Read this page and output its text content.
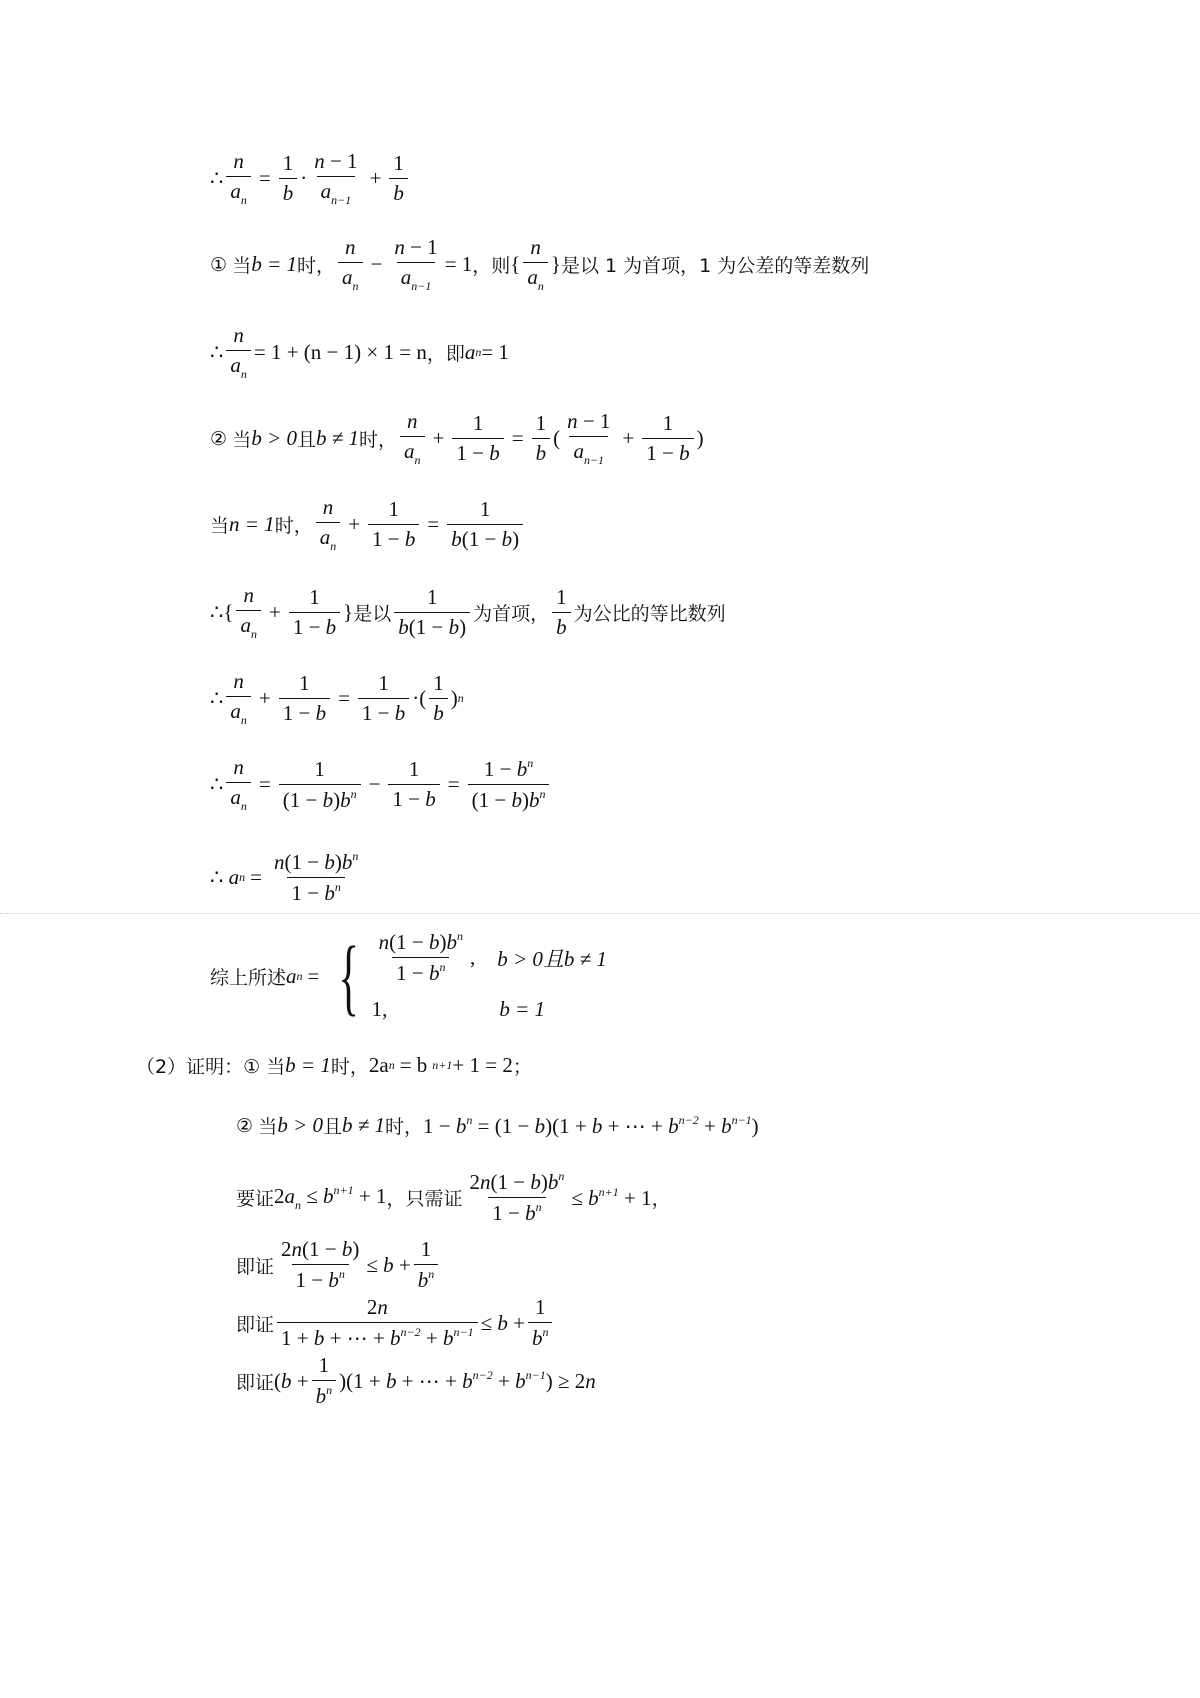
∴ $\frac{n}{a_n} = \frac{1}{b} \cdot \frac{n - 1}{a_{n-1}} + \frac{1}{b}$
①
当 b = 1 时， $\frac{n}{a_n} - \frac{n - 1}{a_{n-1}} = 1$ ，则 { $\frac{n}{a_n}$ } 是以 1 为首项，1 为公差的等差数列
∴ $\frac{n}{a_n} = 1 + (n - 1) \times 1 = n$ ，即 a n = 1
②
当 b > 0 且 b ≠ 1 时， $\frac{n}{a_n} + \frac{1}{1 - b} = \frac{1}{b}$ ( $\frac{n - 1}{a_{n-1}} + \frac{1}{1 - b}$ )
当 n = 1 时， $\frac{n}{a_n} + \frac{1}{1 - b} = \frac{1}{b(1 - b)}$
∴ { $\frac{n}{a_n} + \frac{1}{1 - b}$ } 是以 $\frac{1}{b(1 - b)}$ 为首项， $\frac{1}{b}$ 为公比的等比数列
∴ $\frac{n}{a_n} + \frac{1}{1 - b} = \frac{1}{1 - b}$ · ( $\frac{1}{b}$ ) n
∴ $\frac{n}{a_n} = \frac{1}{(1 - b)b^n} - \frac{1}{1 - b} = \frac{1 - b^n}{(1 - b)b^n}$
∴
a $n = \frac{n(1 - b)b^n}{1 - b^n}$
综上所述 a n = { $\frac{n(1 - b)b^n}{1 - b^n}$ , b > 0且b ≠ 1
1,	b = 1
（2）证明：① 当 b = 1 时， 2a n = b n+1 + 1 = 2 ；
②
当 b > 0 且 b ≠ 1 时， $1 - b^n = (1 - b)(1 + b$ + ⋯ + $b^{n-2} + b^{n-1}$)
要证 $2a_n \le b^{n+1} + 1$ ，只需证 $\frac{2n(1 - b)b^n}{1 - b^n} \le b^{n+1} + 1$ ，
即证 $\frac{2n(1 - b)}{1 - b^n} \le b + \frac{1}{b^n}$
即证 $\frac{2n}{1 + b + \cdots + b^{n-2} + b^{n-1}} \le b + \frac{1}{b^n}$
即证 $(b + \frac{1}{b^n} )(1 + b$ + ⋯ + $b^{n-2} + b^{n-1}) \ge 2n$
